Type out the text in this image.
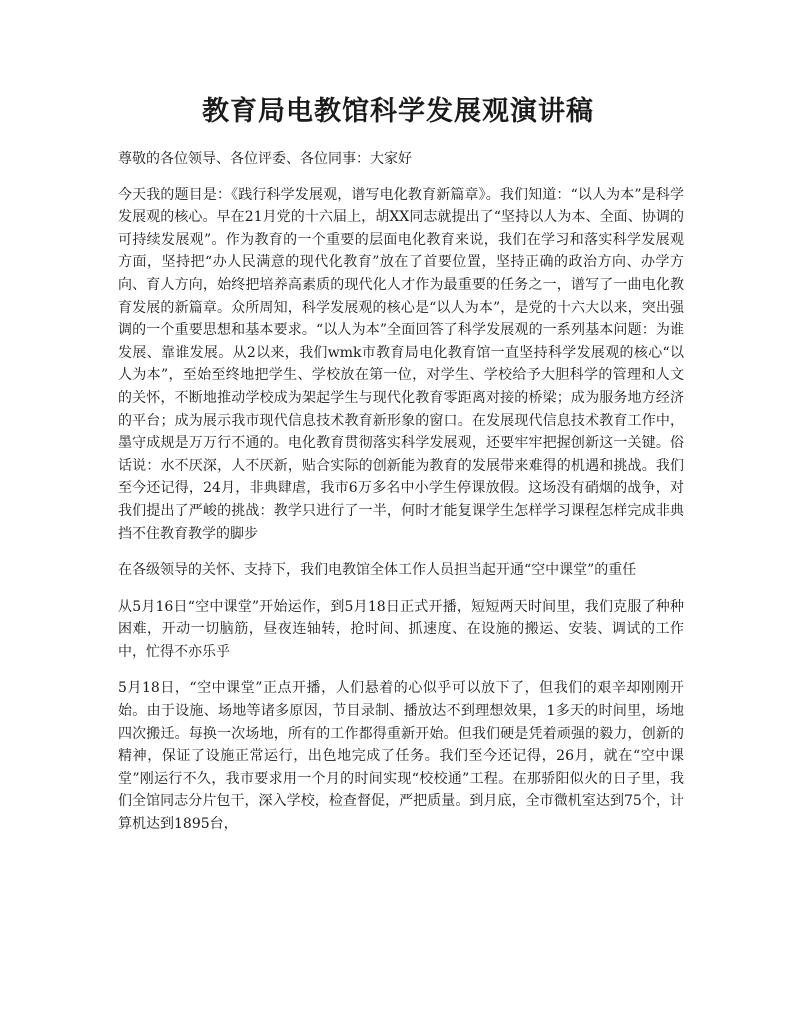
教育局电教馆科学发展观演讲稿

尊敬的各位领导、各位评委、各位同事：大家好

今天我的题目是：《践行科学发展观，谱写电化教育新篇章》。我们知道：“以人为本”是科学发展观的核心。早在21月党的十六届上，胡XX同志就提出了“坚持以人为本、全面、协调的可持续发展观”。作为教育的一个重要的层面电化教育来说，我们在学习和落实科学发展观方面，坚持把“办人民满意的现代化教育”放在了首要位置，坚持正确的政治方向、办学方向、育人方向，始终把培养高素质的现代化人才作为最重要的任务之一，谱写了一曲电化教育发展的新篇章。众所周知，科学发展观的核心是“以人为本”，是党的十六大以来，突出强调的一个重要思想和基本要求。“以人为本”全面回答了科学发展观的一系列基本问题：为谁发展、靠谁发展。从2以来，我们wmk市教育局电化教育馆一直坚持科学发展观的核心“以人为本”，至始至终地把学生、学校放在第一位，对学生、学校给予大胆科学的管理和人文的关怀，不断地推动学校成为架起学生与现代化教育零距离对接的桥梁；成为服务地方经济的平台；成为展示我市现代信息技术教育新形象的窗口。在发展现代信息技术教育工作中，墨守成规是万万行不通的。电化教育贯彻落实科学发展观，还要牢牢把握创新这一关键。俗话说：水不厌深，人不厌新，贴合实际的创新能为教育的发展带来难得的机遇和挑战。我们至今还记得，24月，非典肆虐，我市6万多名中小学生停课放假。这场没有硝烟的战争，对我们提出了严峻的挑战：教学只进行了一半，何时才能复课学生怎样学习课程怎样完成非典挡不住教育教学的脚步

在各级领导的关怀、支持下，我们电教馆全体工作人员担当起开通“空中课堂”的重任

从5月16日“空中课堂”开始运作，到5月18日正式开播，短短两天时间里，我们克服了种种困难，开动一切脑筋，昼夜连轴转，抢时间、抓速度、在设施的搬运、安装、调试的工作中，忙得不亦乐乎

5月18日，“空中课堂”正点开播，人们悬着的心似乎可以放下了，但我们的艰辛却刚刚开始。由于设施、场地等诸多原因，节目录制、播放达不到理想效果，1多天的时间里，场地四次搬迁。每换一次场地，所有的工作都得重新开始。但我们硬是凭着顽强的毅力，创新的精神，保证了设施正常运行，出色地完成了任务。我们至今还记得，26月，就在“空中课堂”刚运行不久，我市要求用一个月的时间实现“校校通”工程。在那骄阳似火的日子里，我们全馆同志分片包干，深入学校，检查督促，严把质量。到月底，全市微机室达到75个，计算机达到1895台，
